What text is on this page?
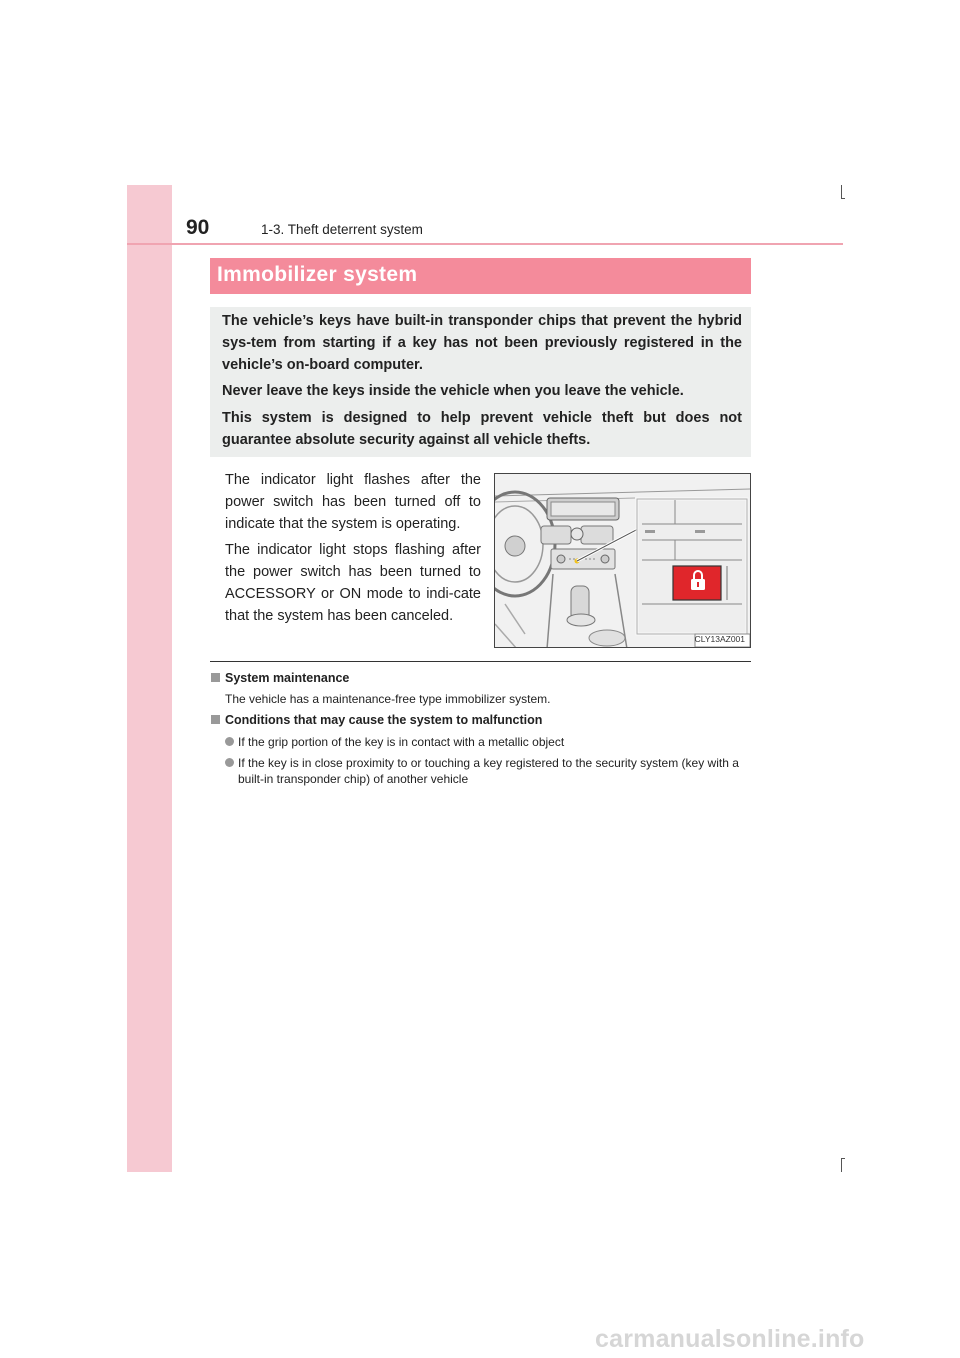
90	1-3. Theft deterrent system
Immobilizer system

The vehicle’s keys have built-in transponder chips that prevent the hybrid sys-tem from starting if a key has not been previously registered in the vehicle’s on-board computer.

Never leave the keys inside the vehicle when you leave the vehicle.

This system is designed to help prevent vehicle theft but does not guarantee absolute security against all vehicle thefts.

The indicator light flashes after the power switch has been turned off to indicate that the system is operating.

The indicator light stops flashing after the power switch has been turned to ACCESSORY or ON mode to indi-cate that the system has been canceled.

CLY13AZ001
System maintenance
The vehicle has a maintenance-free type immobilizer system.
Conditions that may cause the system to malfunction
If the grip portion of the key is in contact with a metallic object
If the key is in close proximity to or touching a key registered to the security system (key with a built-in transponder chip) of another vehicle
carmanualsonline.info
